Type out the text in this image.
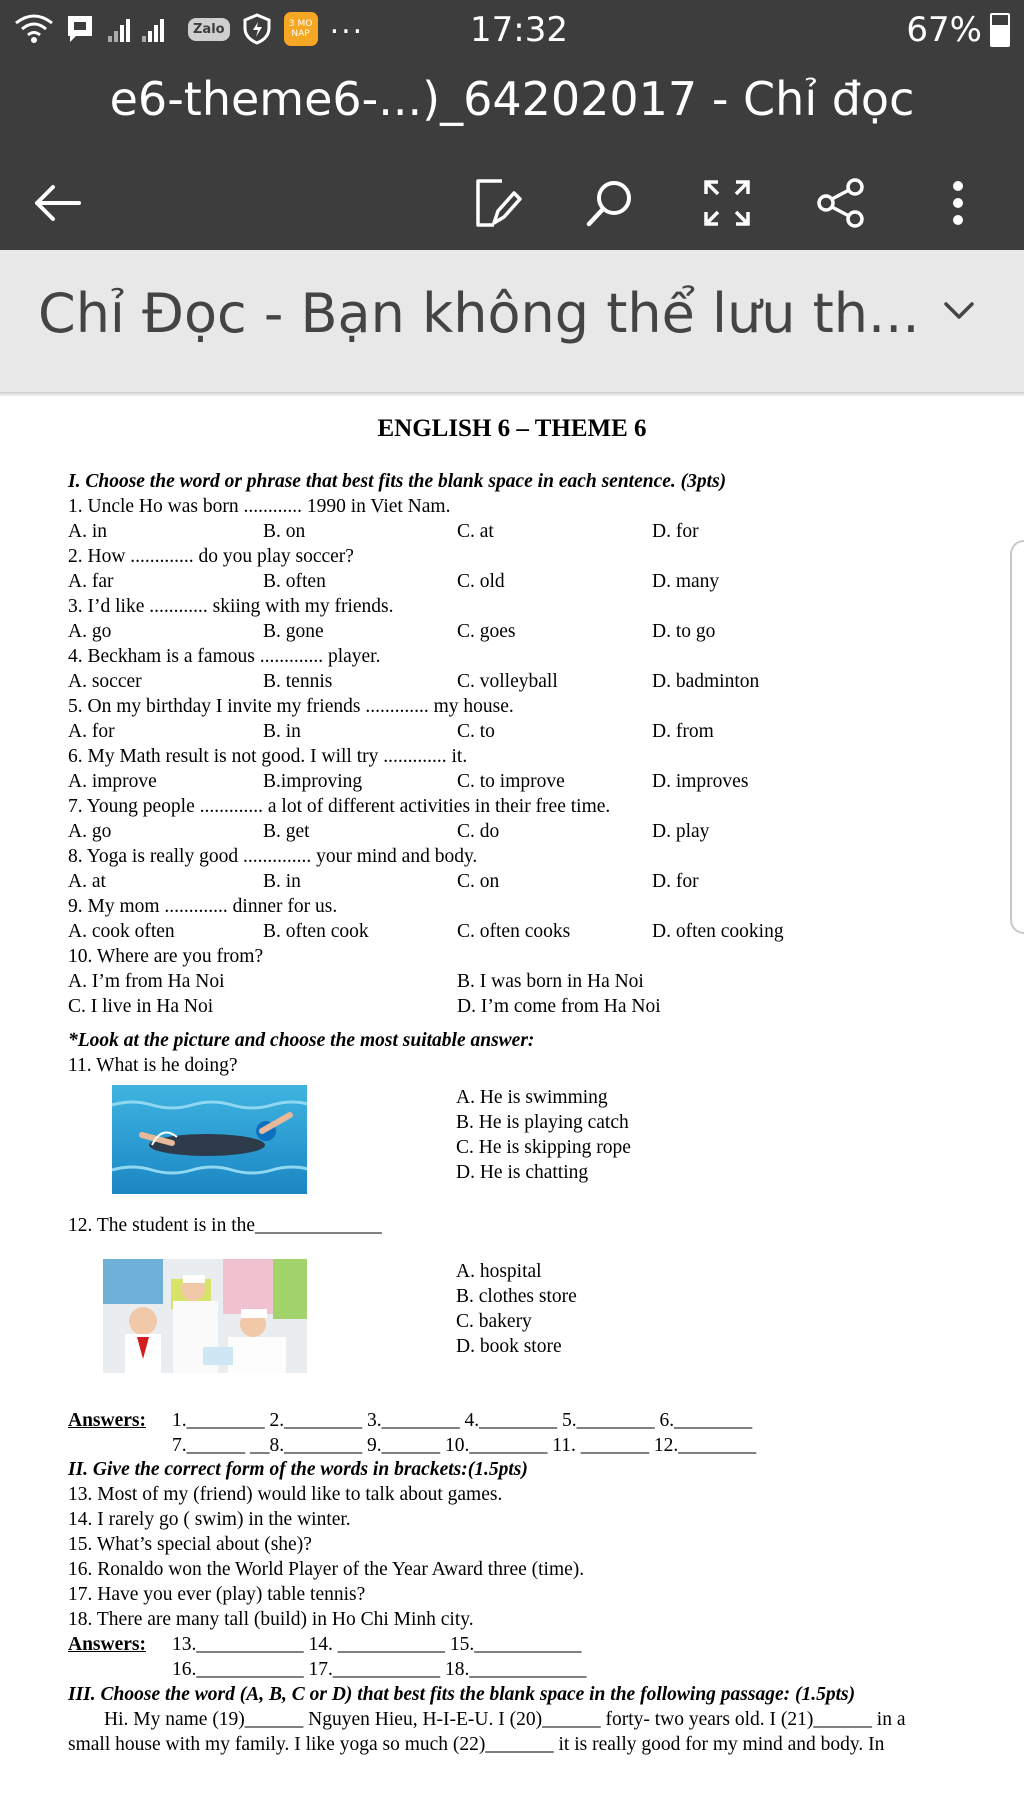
Zalo	3 MO NAP ...	17:32	67%
e6-theme6-...)_64202017 - Chỉ đọc
Chỉ Đọc - Bạn không thể lưu th...
ENGLISH 6 – THEME 6
I. Choose the word or phrase that best fits the blank space in each sentence. (3pts)
1. Uncle Ho was born ............ 1990 in Viet Nam.
A. in	B. on	C. at	D. for
2. How ............. do you play soccer?
A. far	B. often	C. old	D. many
3. I’d like ............ skiing with my friends.
A. go	B. gone	C. goes	D. to go
4. Beckham is a famous ............. player.
A. soccer	B. tennis	C. volleyball	D. badminton
5. On my birthday I invite my friends ............. my house.
A. for	B. in	C. to	D. from
6. My Math result is not good. I will try ............. it.
A. improve	B.improving	C. to improve	D. improves
7. Young people ............. a lot of different activities in their free time.
A. go	B. get	C. do	D. play
8. Yoga is really good .............. your mind and body.
A. at	B. in	C. on	D. for
9. My mom ............. dinner for us.
A. cook often	B. often cook	C. often cooks	D. often cooking
10. Where are you from?
A. I’m from Ha Noi	B. I was born in Ha Noi
C. I live in Ha Noi	D. I’m come from Ha Noi
*Look at the picture and choose the most suitable answer:
11. What is he doing?
A. He is swimming
B. He is playing catch
C. He is skipping rope
D. He is chatting
12. The student is in the_____________
A. hospital
B. clothes store
C. bakery
D. book store
Answers: 1.________ 2.________ 3.________ 4.________ 5.________ 6.________
7.______ __8.________ 9.______ 10.________ 11. _______ 12.________
II. Give the correct form of the words in brackets:(1.5pts)
13. Most of my (friend) would like to talk about games.
14. I rarely go ( swim) in the winter.
15. What’s special about (she)?
16. Ronaldo won the World Player of the Year Award three (time).
17. Have you ever (play) table tennis?
18. There are many tall (build) in Ho Chi Minh city.
Answers: 13.___________ 14. ___________ 15.___________
16.___________ 17.___________ 18.____________
III. Choose the word (A, B, C or D) that best fits the blank space in the following passage: (1.5pts)
Hi. My name (19)______ Nguyen Hieu, H-I-E-U. I (20)______ forty- two years old. I (21)______ in a
small house with my family. I like yoga so much (22)_______ it is really good for my mind and body. In
